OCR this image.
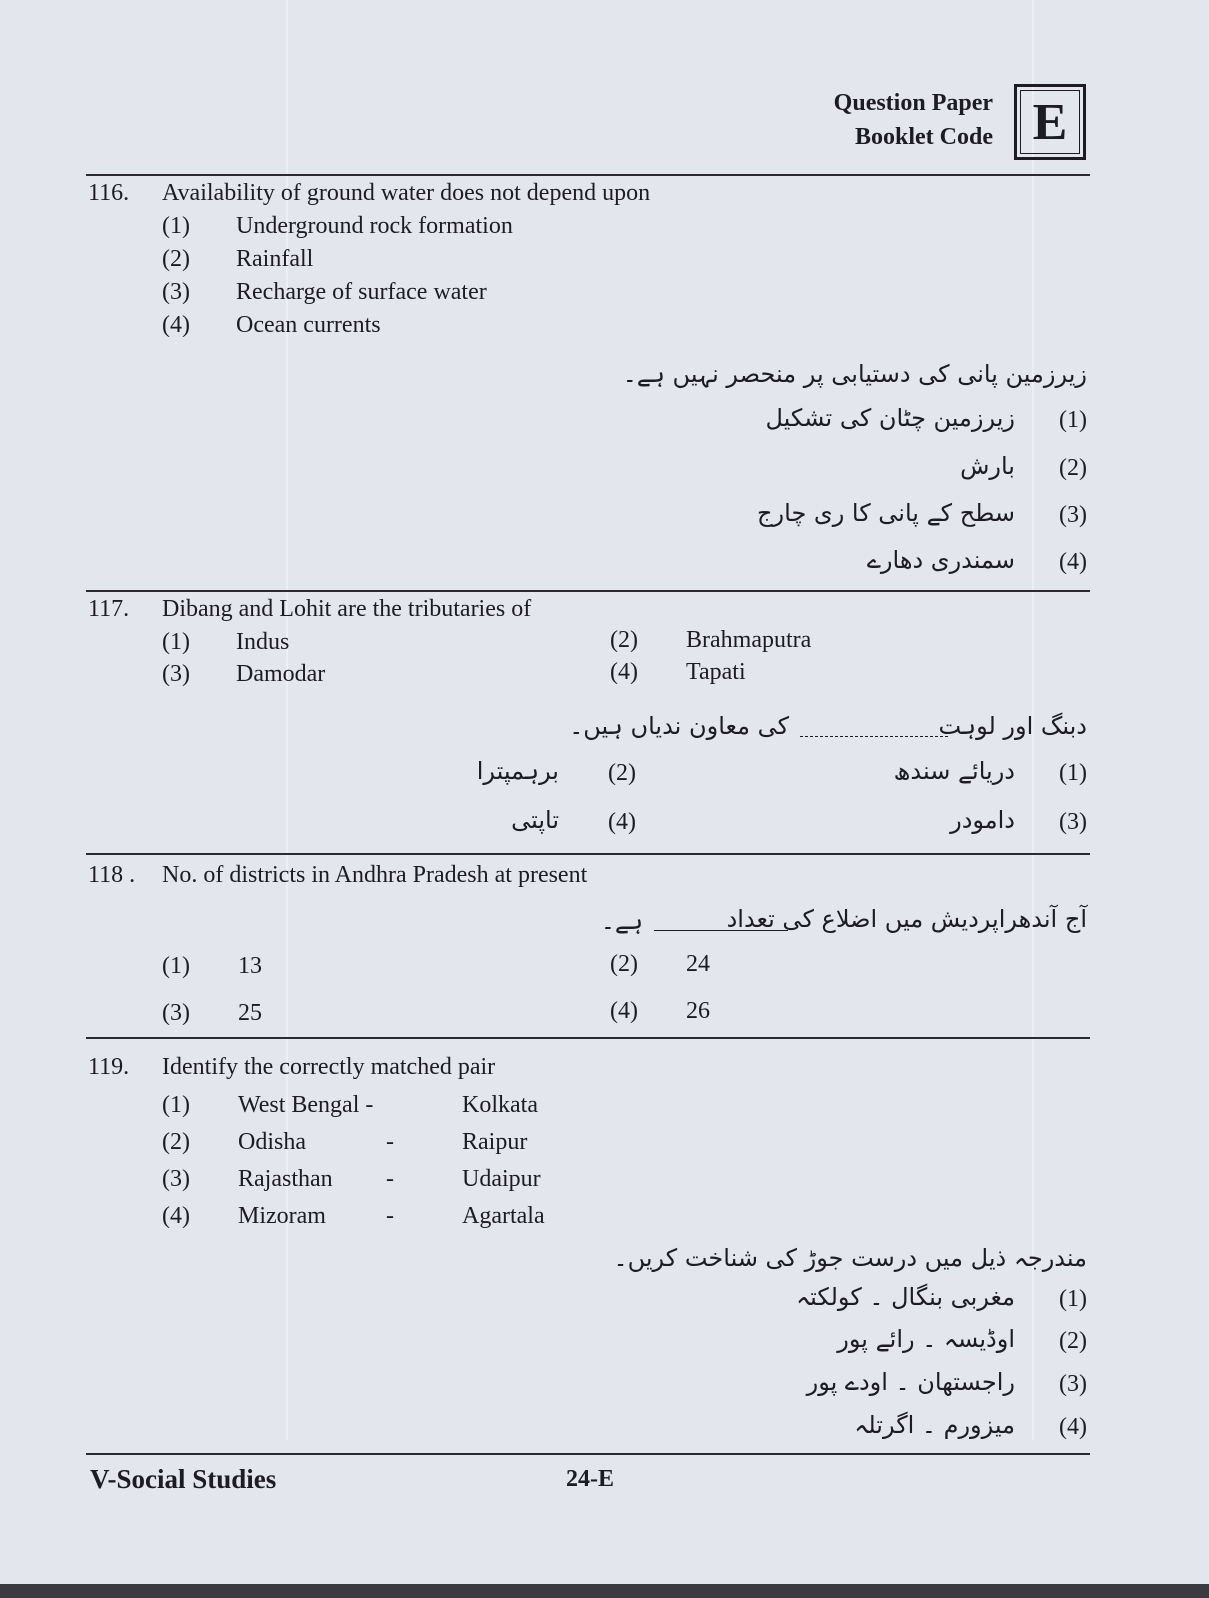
Question Paper
Booklet Code E
116. Availability of ground water does not depend upon
(1) Underground rock formation
(2) Rainfall
(3) Recharge of surface water
(4) Ocean currents
زیرزمین پانی کی دستیابی پر منحصر نہیں ہے۔
(1)
زیرزمین چٹان کی تشکیل
(2)
بارش
(3)
سطح کے پانی کا ری چارج
(4)
سمندری دھارے
117. Dibang and Lohit are the tributaries of
(1) Indus	(2) Brahmaputra
(3) Damodar	(4) Tapati
دبنگ اور لوہت
کی معاون ندیاں ہیں۔
(1)
دریائے سندھ
(2)
برہمپترا
(3)
دامودر
(4)
تاپتی
118 . No. of districts in Andhra Pradesh at present
آج آندھراپردیش میں اضلاع کی تعداد
ہے۔
(1) 13	(2) 24
(3) 25	(4) 26
119. Identify the correctly matched pair
(1) West Bengal -	Kolkata
(2) Odisha	-	Raipur
(3) Rajasthan -	Udaipur
(4) Mizoram	-	Agartala
مندرجہ ذیل میں درست جوڑ کی شناخت کریں۔
(1)
مغربی بنگال ۔ کولکتہ
(2)
اوڈیسہ ۔ رائے پور
(3)
راجستھان ۔ اودے پور
(4)
میزورم ۔ اگرتلہ
V-Social Studies	24-E
